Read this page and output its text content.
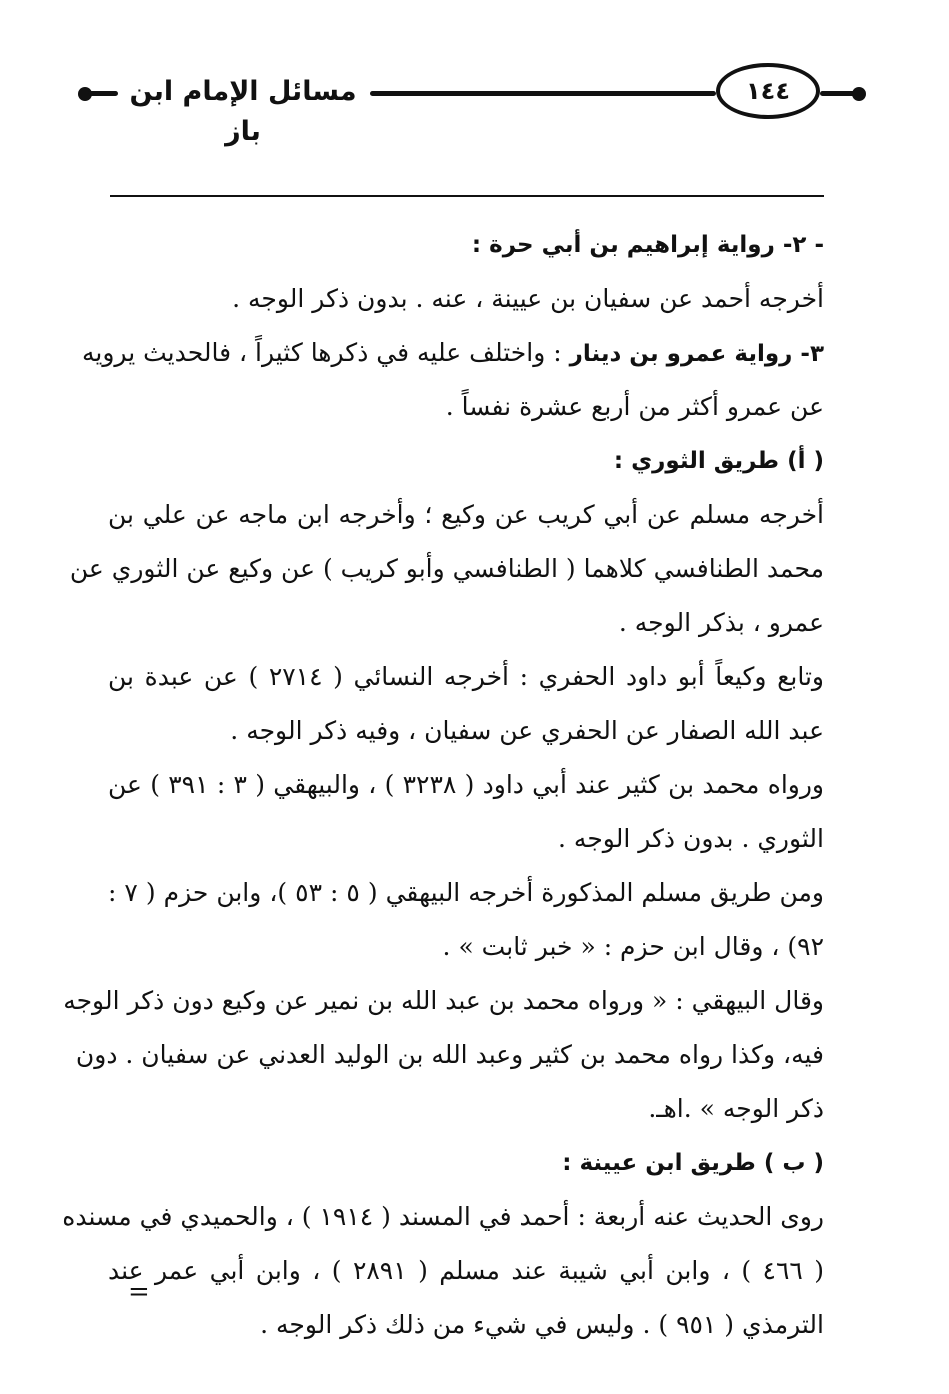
مسائل الإمام ابن باز
١٤٤
- ٢- رواية إبراهيم بن أبي حرة :
أخرجه أحمد عن سفيان بن عيينة ، عنه . بدون ذكر الوجه .
٣- رواية عمرو بن دينار : واختلف عليه في ذكرها كثيراً ، فالحديث يرويه
عن عمرو أكثر من أربع عشرة نفساً .
( أ) طريق الثوري :
أخرجه مسلم عن أبي كريب عن وكيع ؛ وأخرجه ابن ماجه عن علي بن
محمد الطنافسي كلاهما ( الطنافسي وأبو كريب ) عن وكيع عن الثوري عن
عمرو ، بذكر الوجه .
وتابع وكيعاً أبو داود الحفري : أخرجه النسائي ( ٢٧١٤ ) عن عبدة بن
عبد الله الصفار عن الحفري عن سفيان ، وفيه ذكر الوجه .
ورواه محمد بن كثير عند أبي داود ( ٣٢٣٨ ) ، والبيهقي ( ٣ : ٣٩١ ) عن
الثوري . بدون ذكر الوجه .
ومن طريق مسلم المذكورة أخرجه البيهقي ( ٥ : ٥٣ )، وابن حزم ( ٧ :
٩٢) ، وقال ابن حزم : « خبر ثابت » .
وقال البيهقي : « ورواه محمد بن عبد الله بن نمير عن وكيع دون ذكر الوجه
فيه، وكذا رواه محمد بن كثير وعبد الله بن الوليد العدني عن سفيان . دون
ذكر الوجه » .اهـ.
( ب ) طريق ابن عيينة :
روى الحديث عنه أربعة : أحمد في المسند ( ١٩١٤ ) ، والحميدي في مسنده
( ٤٦٦ ) ، وابن أبي شيبة عند مسلم ( ٢٨٩١ ) ، وابن أبي عمر عند
الترمذي ( ٩٥١ ) . وليس في شيء من ذلك ذكر الوجه .
=
